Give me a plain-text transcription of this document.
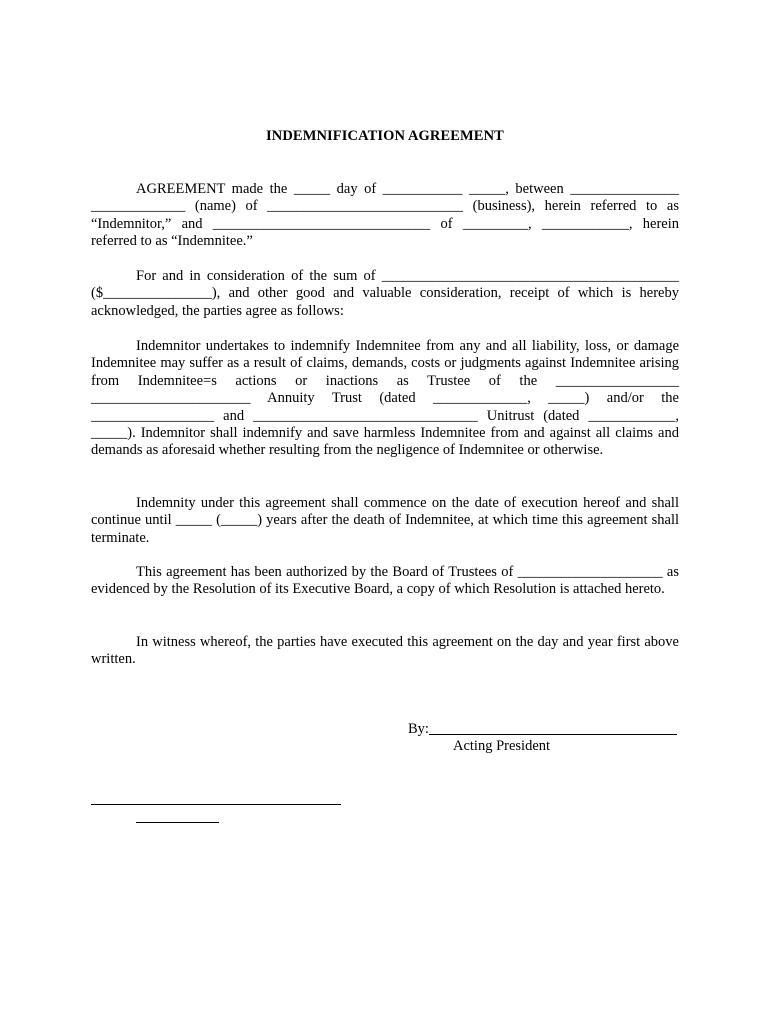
INDEMNIFICATION AGREEMENT

AGREEMENT made the _____ day of ___________ _____, between _______________ _____________ (name) of ___________________________ (business), herein referred to as “Indemnitor,” and ______________________________ of _________, ____________, herein referred to as “Indemnitee.”

For and in consideration of the sum of _________________________________________ ($_______________), and other good and valuable consideration, receipt of which is hereby acknowledged, the parties agree as follows:

Indemnitor undertakes to indemnify Indemnitee from any and all liability, loss, or damage Indemnitee may suffer as a result of claims, demands, costs or judgments against Indemnitee arising from Indemnitee=s actions or inactions as Trustee of the _________________ ______________________ Annuity Trust (dated _____________, _____) and/or the _________________ and _______________________________ Unitrust (dated ____________, _____). Indemnitor shall indemnify and save harmless Indemnitee from and against all claims and demands as aforesaid whether resulting from the negligence of Indemnitee or otherwise.

Indemnity under this agreement shall commence on the date of execution hereof and shall continue until _____ (_____) years after the death of Indemnitee, at which time this agreement shall terminate.

This agreement has been authorized by the Board of Trustees of ____________________ as evidenced by the Resolution of its Executive Board, a copy of which Resolution is attached hereto.

In witness whereof, the parties have executed this agreement on the day and year first above written.

By:
Acting President
